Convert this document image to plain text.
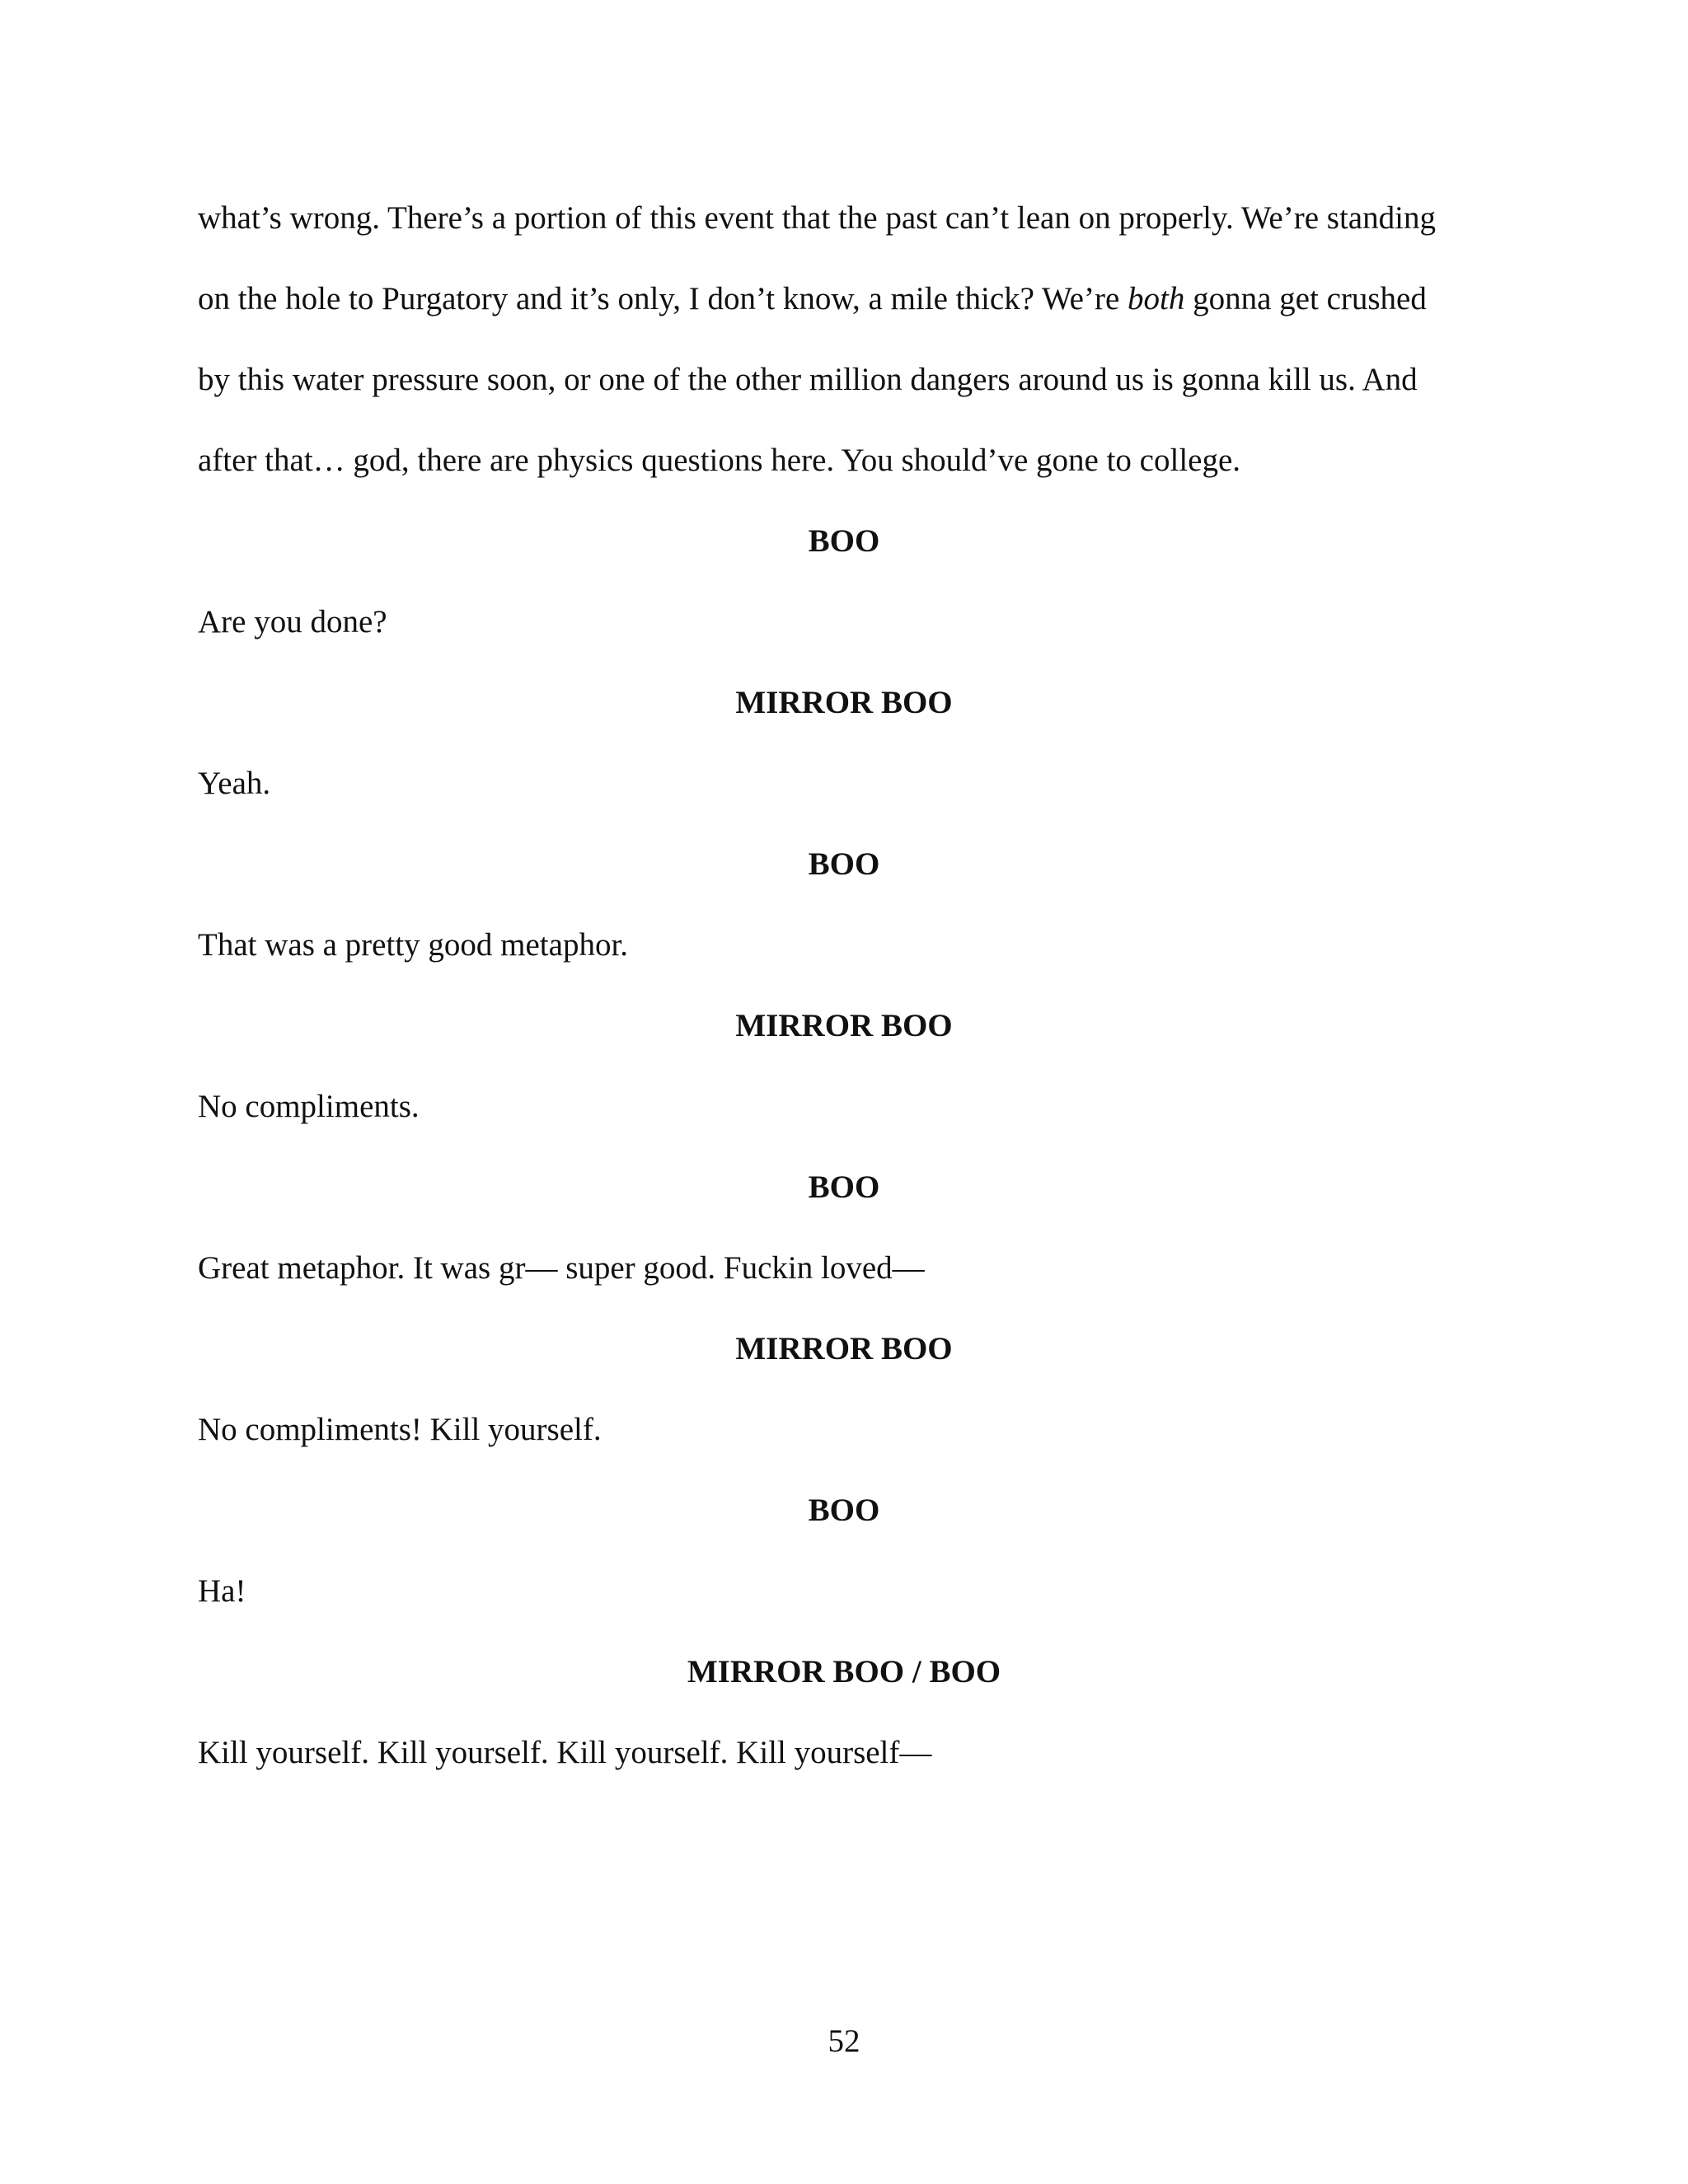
what’s wrong. There’s a portion of this event that the past can’t lean on properly. We’re standing
on the hole to Purgatory and it’s only, I don’t know, a mile thick? We’re both gonna get crushed
by this water pressure soon, or one of the other million dangers around us is gonna kill us. And
after that… god, there are physics questions here. You should’ve gone to college.
BOO
Are you done?
MIRROR BOO
Yeah.
BOO
That was a pretty good metaphor.
MIRROR BOO
No compliments.
BOO
Great metaphor. It was gr— super good. Fuckin loved—
MIRROR BOO
No compliments! Kill yourself.
BOO
Ha!
MIRROR BOO / BOO
Kill yourself. Kill yourself. Kill yourself. Kill yourself—
52
